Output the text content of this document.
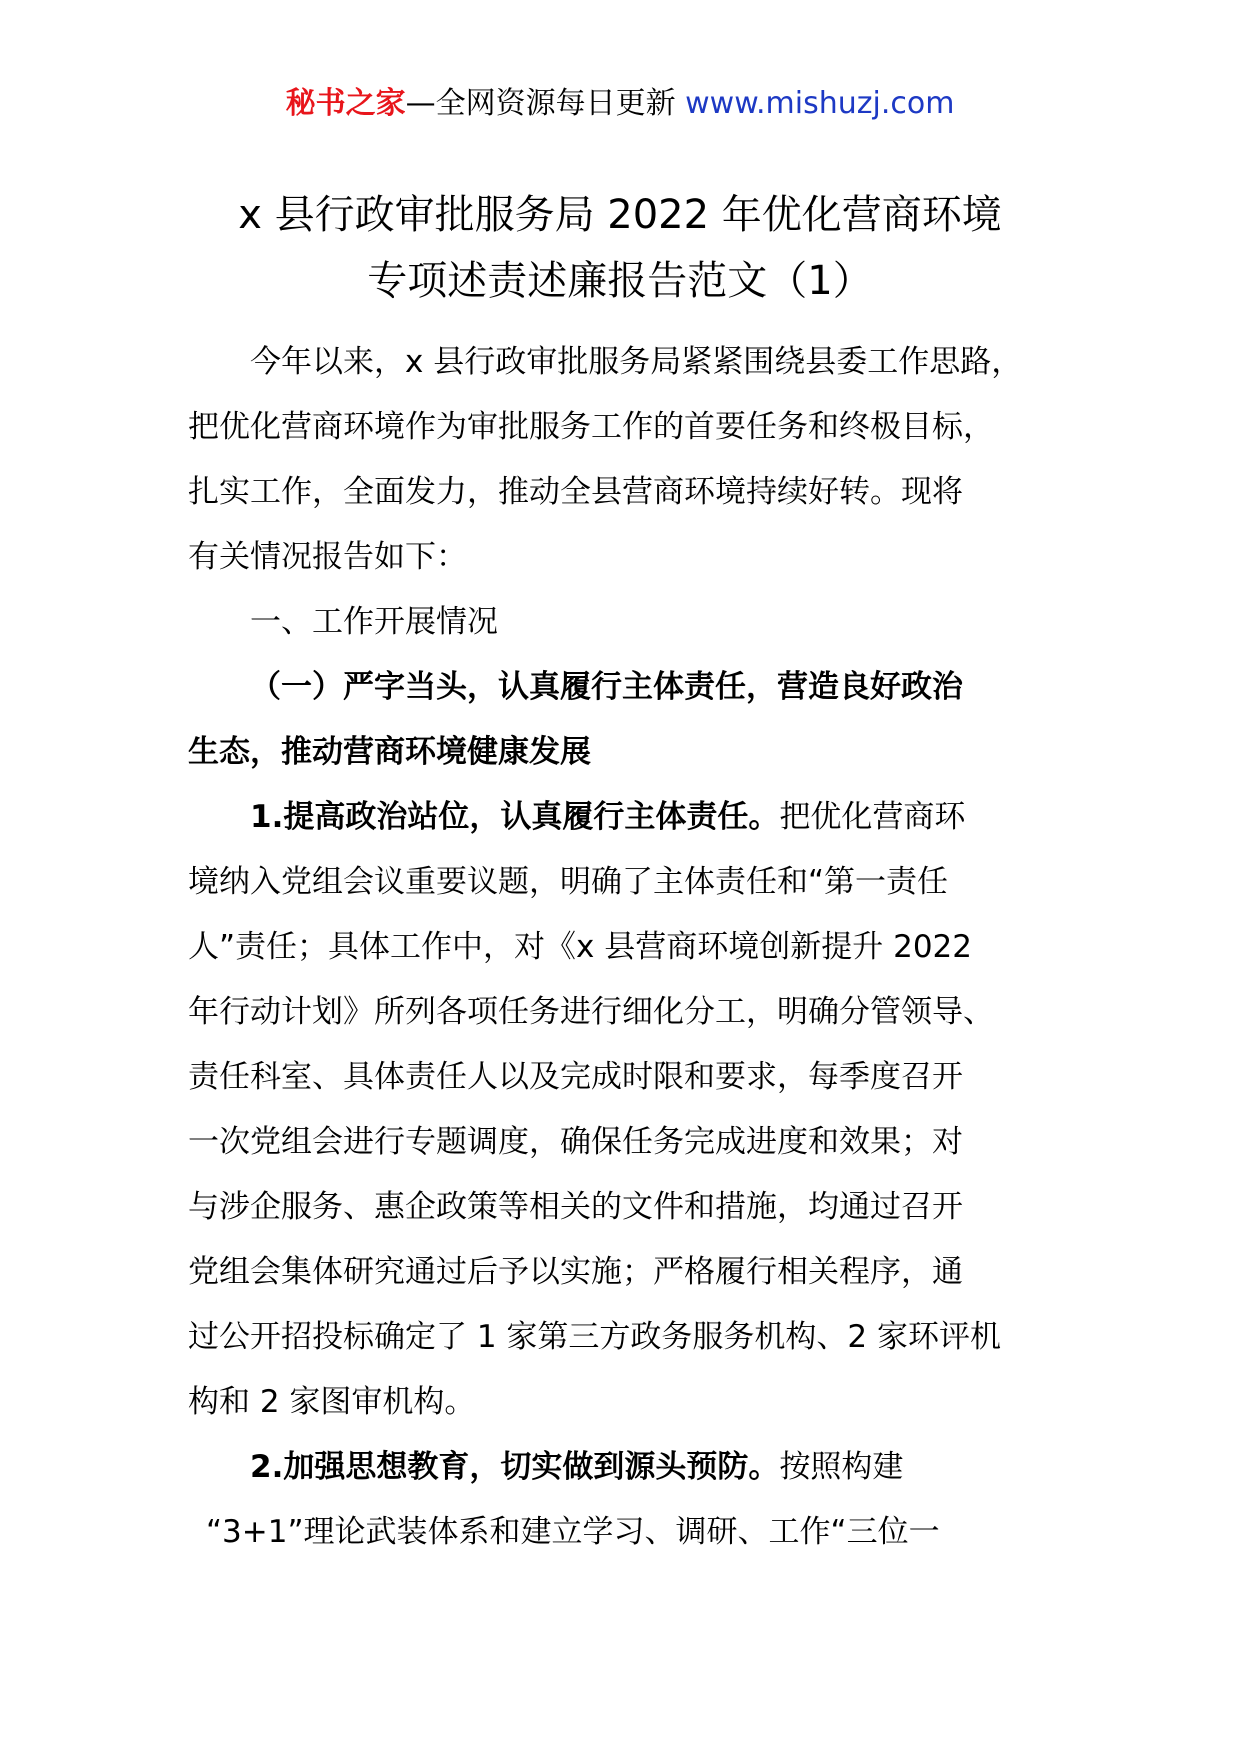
秘书之家—全网资源每日更新 www.mishuzj.com
x 县行政审批服务局 2022 年优化营商环境
专项述责述廉报告范文（1）

今年以来，x 县行政审批服务局紧紧围绕县委工作思路，

把优化营商环境作为审批服务工作的首要任务和终极目标，

扎实工作，全面发力，推动全县营商环境持续好转。现将

有关情况报告如下：

一、工作开展情况

（一）严字当头，认真履行主体责任，营造良好政治

生态，推动营商环境健康发展

1.提高政治站位，认真履行主体责任。把优化营商环

境纳入党组会议重要议题，明确了主体责任和“第一责任

人”责任；具体工作中，对《x 县营商环境创新提升 2022

年行动计划》所列各项任务进行细化分工，明确分管领导、

责任科室、具体责任人以及完成时限和要求，每季度召开

一次党组会进行专题调度，确保任务完成进度和效果；对

与涉企服务、惠企政策等相关的文件和措施，均通过召开

党组会集体研究通过后予以实施；严格履行相关程序，通

过公开招投标确定了 1 家第三方政务服务机构、2 家环评机

构和 2 家图审机构。

2.加强思想教育，切实做到源头预防。按照构建

“3+1”理论武装体系和建立学习、调研、工作“三位一
